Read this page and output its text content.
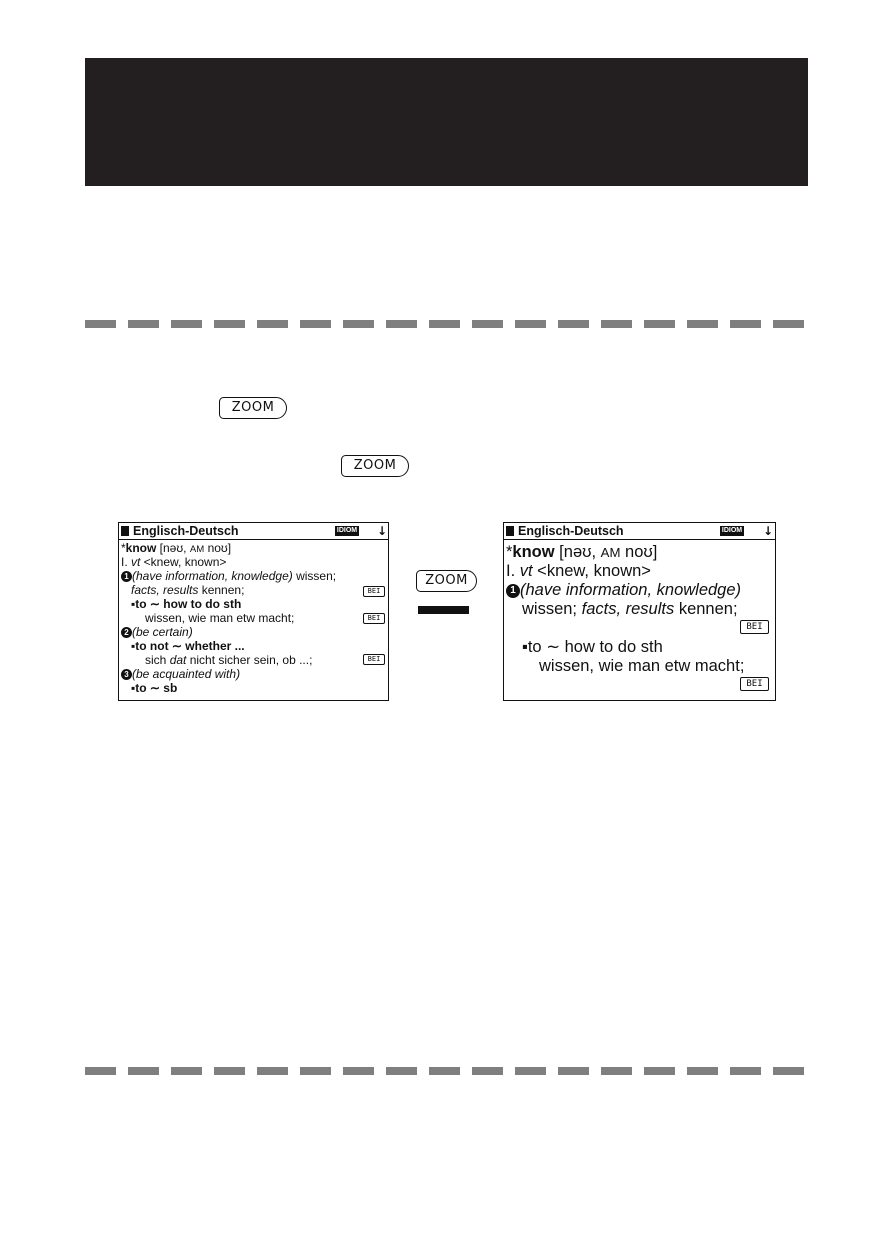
ZOOM
ZOOM
Englisch-Deutsch	IDIOM ↓
*know [nəʊ, AM noʊ]
I. vt <knew, known>
1 (have information, knowledge) wissen;
facts, results kennen;	BEI
▪to ∼ how to do sth
wissen, wie man etw macht;	BEI
2 (be certain)
▪to not ∼ whether ...
sich dat nicht sicher sein, ob ...;	BEI
3 (be acquainted with)
▪to ∼ sb
ZOOM
Englisch-Deutsch	IDIOM ↓
*know [nəʊ, AM noʊ]
I. vt <knew, known>
1 (have information, knowledge)
wissen; facts, results kennen;
BEI
▪to ∼ how to do sth
wissen, wie man etw macht;
BEI
